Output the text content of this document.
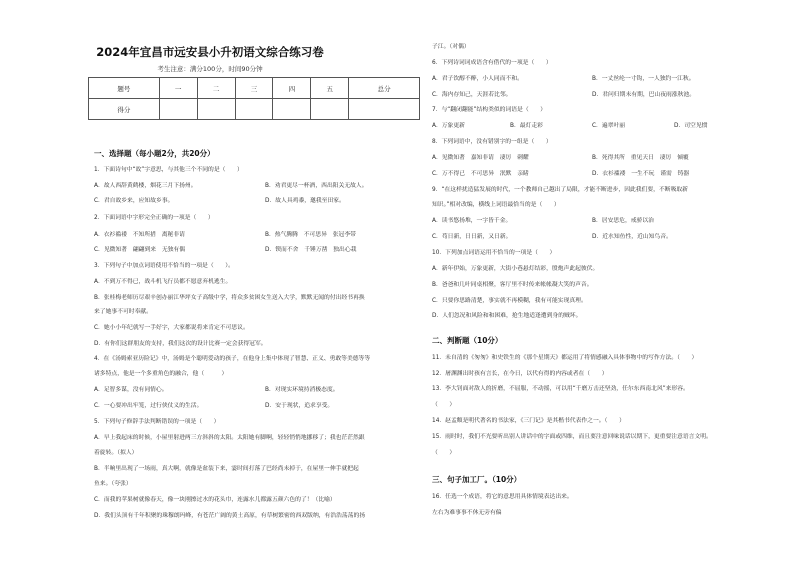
2024年宜昌市远安县小升初语文综合练习卷
考生注意：满分100分，时间90分钟
题号	一	二	三	四	五	总分
得分						
一、选择题（每小题2分，共20分）
1．下面诗句中“故”字意思，与其他三个不同的是（　　）
A．故人西辞黄鹤楼，烟花三月下扬州。	B．劝君更尽一杯酒，西出阳关无故人。
C．君自故乡来，应知故乡事。	D．故人具鸡黍，邀我至田家。
2．下面词语中字形完全正确的一项是（　　）
A．衣衫褴褛　不知所措　离秘非请	B．热气腾腾　不可思异　张冠李带
C．见微知著　翩翩到来　无独有偶	D．锲而不舍　千锤万凿　独出心栽
3．下列句子中加点词语使用不恰当的一项是（　　）。
A．不到万不得已，战斗机飞行员都不愿意弃机逃生。
B．张桂梅老师历尽艰辛创办丽江华坪女子高级中学，将众多贫困女生送入大学，默默无闻的付出经书再换
来了她事不可时奉献。
C．她小小年纪就写一手好字，大家都说将来肯定不可思议。
D．有你们这群朋友的支持，我们这次的设计比赛一定会获得冠军。
4．在《汤姆索亚历险记》中，汤姆是个聪明爱动的孩子，在他身上集中体现了智慧、正义、勇敢等美德等等
诸多特点，他是一个多重角色的融合，他（　　　）
A．足智多谋，没有同情心。	B．对现实环境持消极态度。
C．一心要冲出牢笼，过行侠仗义的生活。	D．安于现状，追求享受。
5．下列句子修辞手法判断错误的一项是（　　）
A．早上我起床的时候，小屋里射进两三方斜斜的太阳。太阳她有脚啊，轻轻悄悄地挪移了；我也茫茫然跟
着旋转。（拟人）
B．半晌里出现了一场雨，真大啊，就像是盆装下来，霎时间打落了巴经尚未掉于，在屋里一伸手就把起
鱼来。（夸张）
C．而我的苹果树就像春天，像一块刚擦过水的花头巾，连露水儿都露五颜六色的了！（比喻）
D．我们头顶有千年积聚的珠穆朗玛峰，有苍茫广阔的黄土高原，有草树繁密的西双版纳，有浩浩荡荡的扬
子江。（对偶）
6．下列诗词词成语含有借代的一项是（　　）
A．君子饮醇不醉，小人同而不和。	B．一丈丝纶一寸钩，一人独钓一江秋。
C．海内存知己，天涯若比邻。	D．君问归期未有期，巴山夜雨涨秋池。
7．与“翻闭翻能”结构类似的词语是（　　）
A．万象更新	B．最灯走彩	C．遍翠叶丽	D．司空见惯
8．下列词语中，没有错别字的一组是（　　）
A．见微知著　嘉知非请　凄厉　刺耀	B．死得其所　重见天日　凄厉　倾覆
C．万不得已　不可思异　泯默　亲睹	D．衣衫褴褛　一生不玩　谨需　铸器
9．“在这样扰造猛发展的时代，一个教师自己越出了局限，才能不断进步，因此我们要，不断吸取新
知识。”相对改编，横线上词语最恰当的是（　　）
A．读书悠扬堆，一字皆千金。	B．居安思危，戒骄以治
C．苟日新，日日新，又日新。	D．近水知鱼性，近山知鸟音。
10．下列加点词语运用不恰当的一项是（　　）
A．新年伊始，万象更新，大街小巷悬灯结彩，殷炮声此起彼伏。
B．爸爸和几叶同桌相聚，客厅里不时传来帐帐凝大笑的声音。
C．只要你思路清楚，事实就不再模糊，我有可能实现真理。
D．人们忽况和风险和和困难，抢生地适逢遭到身的贼坏。
二、判断题（10分）
11．未自清的《匆匆》和史铁生的《那个星期天》都运用了将情感融入具体事物中的写作方法。（　　）
12．屠渊渊出时孩有言长，在今日，以代有得的内容或者在（　　）
13．李大钊面对敌人的折磨，不屈服，不动摇，可以用“千磨万击还坚劲，任尔东西南北风”来形容。
（　　）
14．赵孟頫是明代著名的书法家，《三门记》是其楷书代表作之一。（　　）
15．雨时时，我们不光要听出别人讲话中的字面或四维，而且要注意回味说话以期下，更重要注意语言文明。
（　　）
三、句子加工厂。（10分）
16．任选一个成语，将它的意思用具体情境表达出来。
左右为难事事不休无旁有偏
